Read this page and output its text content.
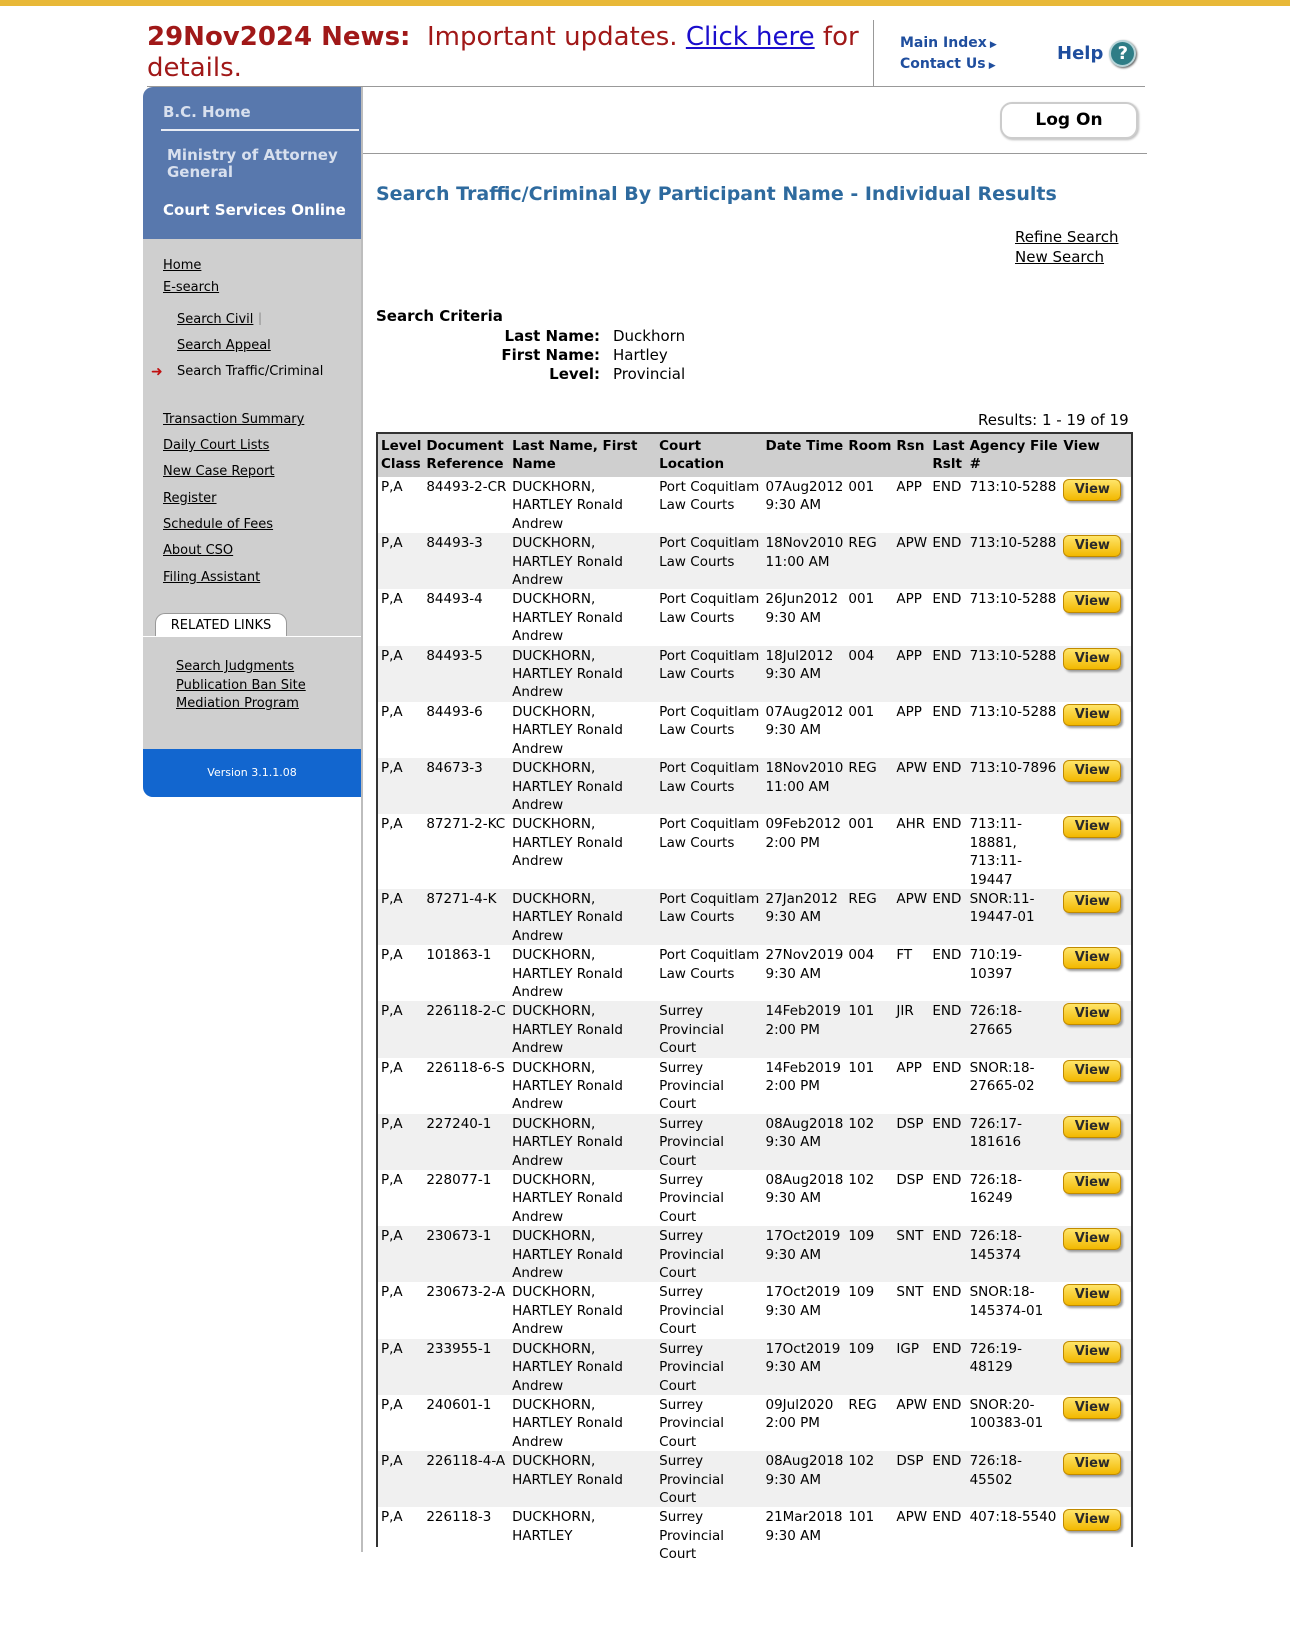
29Nov2024 News: Important updates. Click here for details.
Main Index ▶
Contact Us ▶	Help ?
B.C. Home
Ministry of Attorney General
Court Services Online
Home
E-search
Search Civil |
Search Appeal
➜ Search Traffic/Criminal
Transaction Summary
Daily Court Lists
New Case Report
Register
Schedule of Fees
About CSO
Filing Assistant
RELATED LINKS
Search Judgments
Publication Ban Site
Mediation Program
Version 3.1.1.08
Log On
Search Traffic/Criminal By Participant Name - Individual Results
Refine Search
New Search
Search Criteria
Last Name: Duckhorn
First Name: Hartley
Level: Provincial
Results: 1 - 19 of 19
Level Class	Document Reference	Last Name, First Name	Court Location	Date Time	Room	Rsn	Last Rslt	Agency File #	View
P,A	84493-2-CR	DUCKHORN, HARTLEY Ronald Andrew	Port Coquitlam Law Courts	07Aug2012 9:30 AM	001	APP	END	713:10-5288	View
P,A	84493-3	DUCKHORN, HARTLEY Ronald Andrew	Port Coquitlam Law Courts	18Nov2010 11:00 AM	REG	APW	END	713:10-5288	View
P,A	84493-4	DUCKHORN, HARTLEY Ronald Andrew	Port Coquitlam Law Courts	26Jun2012 9:30 AM	001	APP	END	713:10-5288	View
P,A	84493-5	DUCKHORN, HARTLEY Ronald Andrew	Port Coquitlam Law Courts	18Jul2012 9:30 AM	004	APP	END	713:10-5288	View
P,A	84493-6	DUCKHORN, HARTLEY Ronald Andrew	Port Coquitlam Law Courts	07Aug2012 9:30 AM	001	APP	END	713:10-5288	View
P,A	84673-3	DUCKHORN, HARTLEY Ronald Andrew	Port Coquitlam Law Courts	18Nov2010 11:00 AM	REG	APW	END	713:10-7896	View
P,A	87271-2-KC	DUCKHORN, HARTLEY Ronald Andrew	Port Coquitlam Law Courts	09Feb2012 2:00 PM	001	AHR	END	713:11-18881, 713:11-19447	View
P,A	87271-4-K	DUCKHORN, HARTLEY Ronald Andrew	Port Coquitlam Law Courts	27Jan2012 9:30 AM	REG	APW	END	SNOR:11-19447-01	View
P,A	101863-1	DUCKHORN, HARTLEY Ronald Andrew	Port Coquitlam Law Courts	27Nov2019 9:30 AM	004	FT	END	710:19-10397	View
P,A	226118-2-C	DUCKHORN, HARTLEY Ronald Andrew	Surrey Provincial Court	14Feb2019 2:00 PM	101	JIR	END	726:18-27665	View
P,A	226118-6-S	DUCKHORN, HARTLEY Ronald Andrew	Surrey Provincial Court	14Feb2019 2:00 PM	101	APP	END	SNOR:18-27665-02	View
P,A	227240-1	DUCKHORN, HARTLEY Ronald Andrew	Surrey Provincial Court	08Aug2018 9:30 AM	102	DSP	END	726:17-181616	View
P,A	228077-1	DUCKHORN, HARTLEY Ronald Andrew	Surrey Provincial Court	08Aug2018 9:30 AM	102	DSP	END	726:18-16249	View
P,A	230673-1	DUCKHORN, HARTLEY Ronald Andrew	Surrey Provincial Court	17Oct2019 9:30 AM	109	SNT	END	726:18-145374	View
P,A	230673-2-A	DUCKHORN, HARTLEY Ronald Andrew	Surrey Provincial Court	17Oct2019 9:30 AM	109	SNT	END	SNOR:18-145374-01	View
P,A	233955-1	DUCKHORN, HARTLEY Ronald Andrew	Surrey Provincial Court	17Oct2019 9:30 AM	109	IGP	END	726:19-48129	View
P,A	240601-1	DUCKHORN, HARTLEY Ronald Andrew	Surrey Provincial Court	09Jul2020 2:00 PM	REG	APW	END	SNOR:20-100383-01	View
P,A	226118-4-A	DUCKHORN, HARTLEY Ronald	Surrey Provincial Court	08Aug2018 9:30 AM	102	DSP	END	726:18-45502	View
P,A	226118-3	DUCKHORN, HARTLEY	Surrey Provincial Court	21Mar2018 9:30 AM	101	APW	END	407:18-5540	View
